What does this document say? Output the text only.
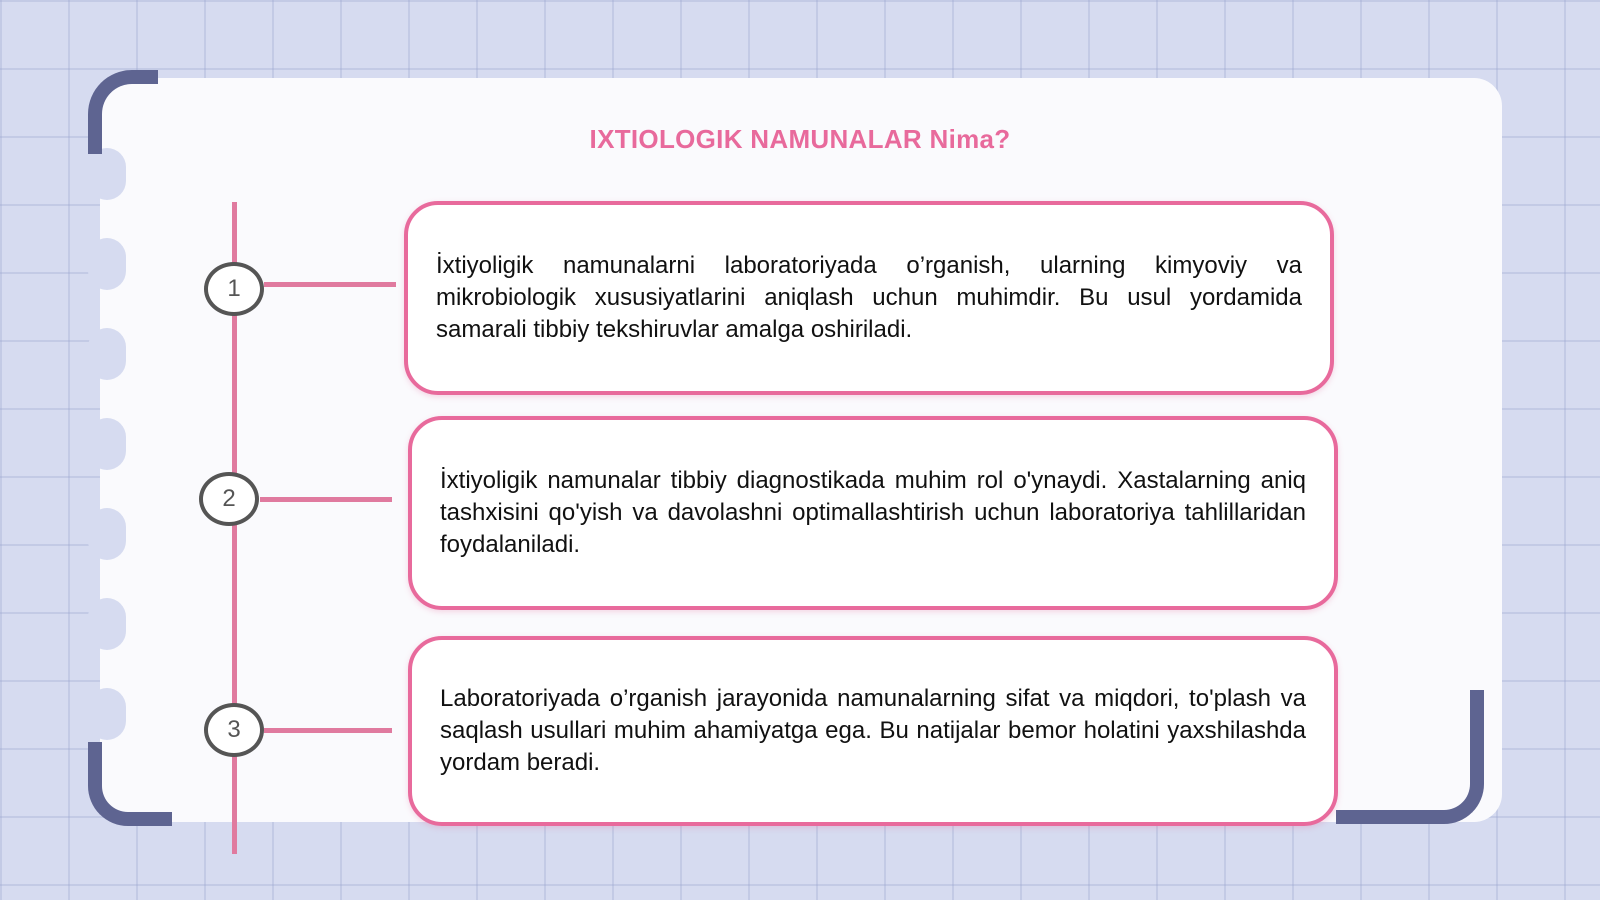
IXTIOLOGIK NAMUNALAR Nima?
1
2
3

İxtiyoligik namunalarni laboratoriyada o’rganish, ularning kimyoviy va mikrobiologik xususiyatlarini aniqlash uchun muhimdir. Bu usul yordamida samarali tibbiy tekshiruvlar amalga oshiriladi.

İxtiyoligik namunalar tibbiy diagnostikada muhim rol o'ynaydi. Xastalarning aniq tashxisini qo'yish va davolashni optimallashtirish uchun laboratoriya tahlillaridan foydalaniladi.

Laboratoriyada o’rganish jarayonida namunalarning sifat va miqdori, to'plash va saqlash usullari muhim ahamiyatga ega. Bu natijalar bemor holatini yaxshilashda yordam beradi.
